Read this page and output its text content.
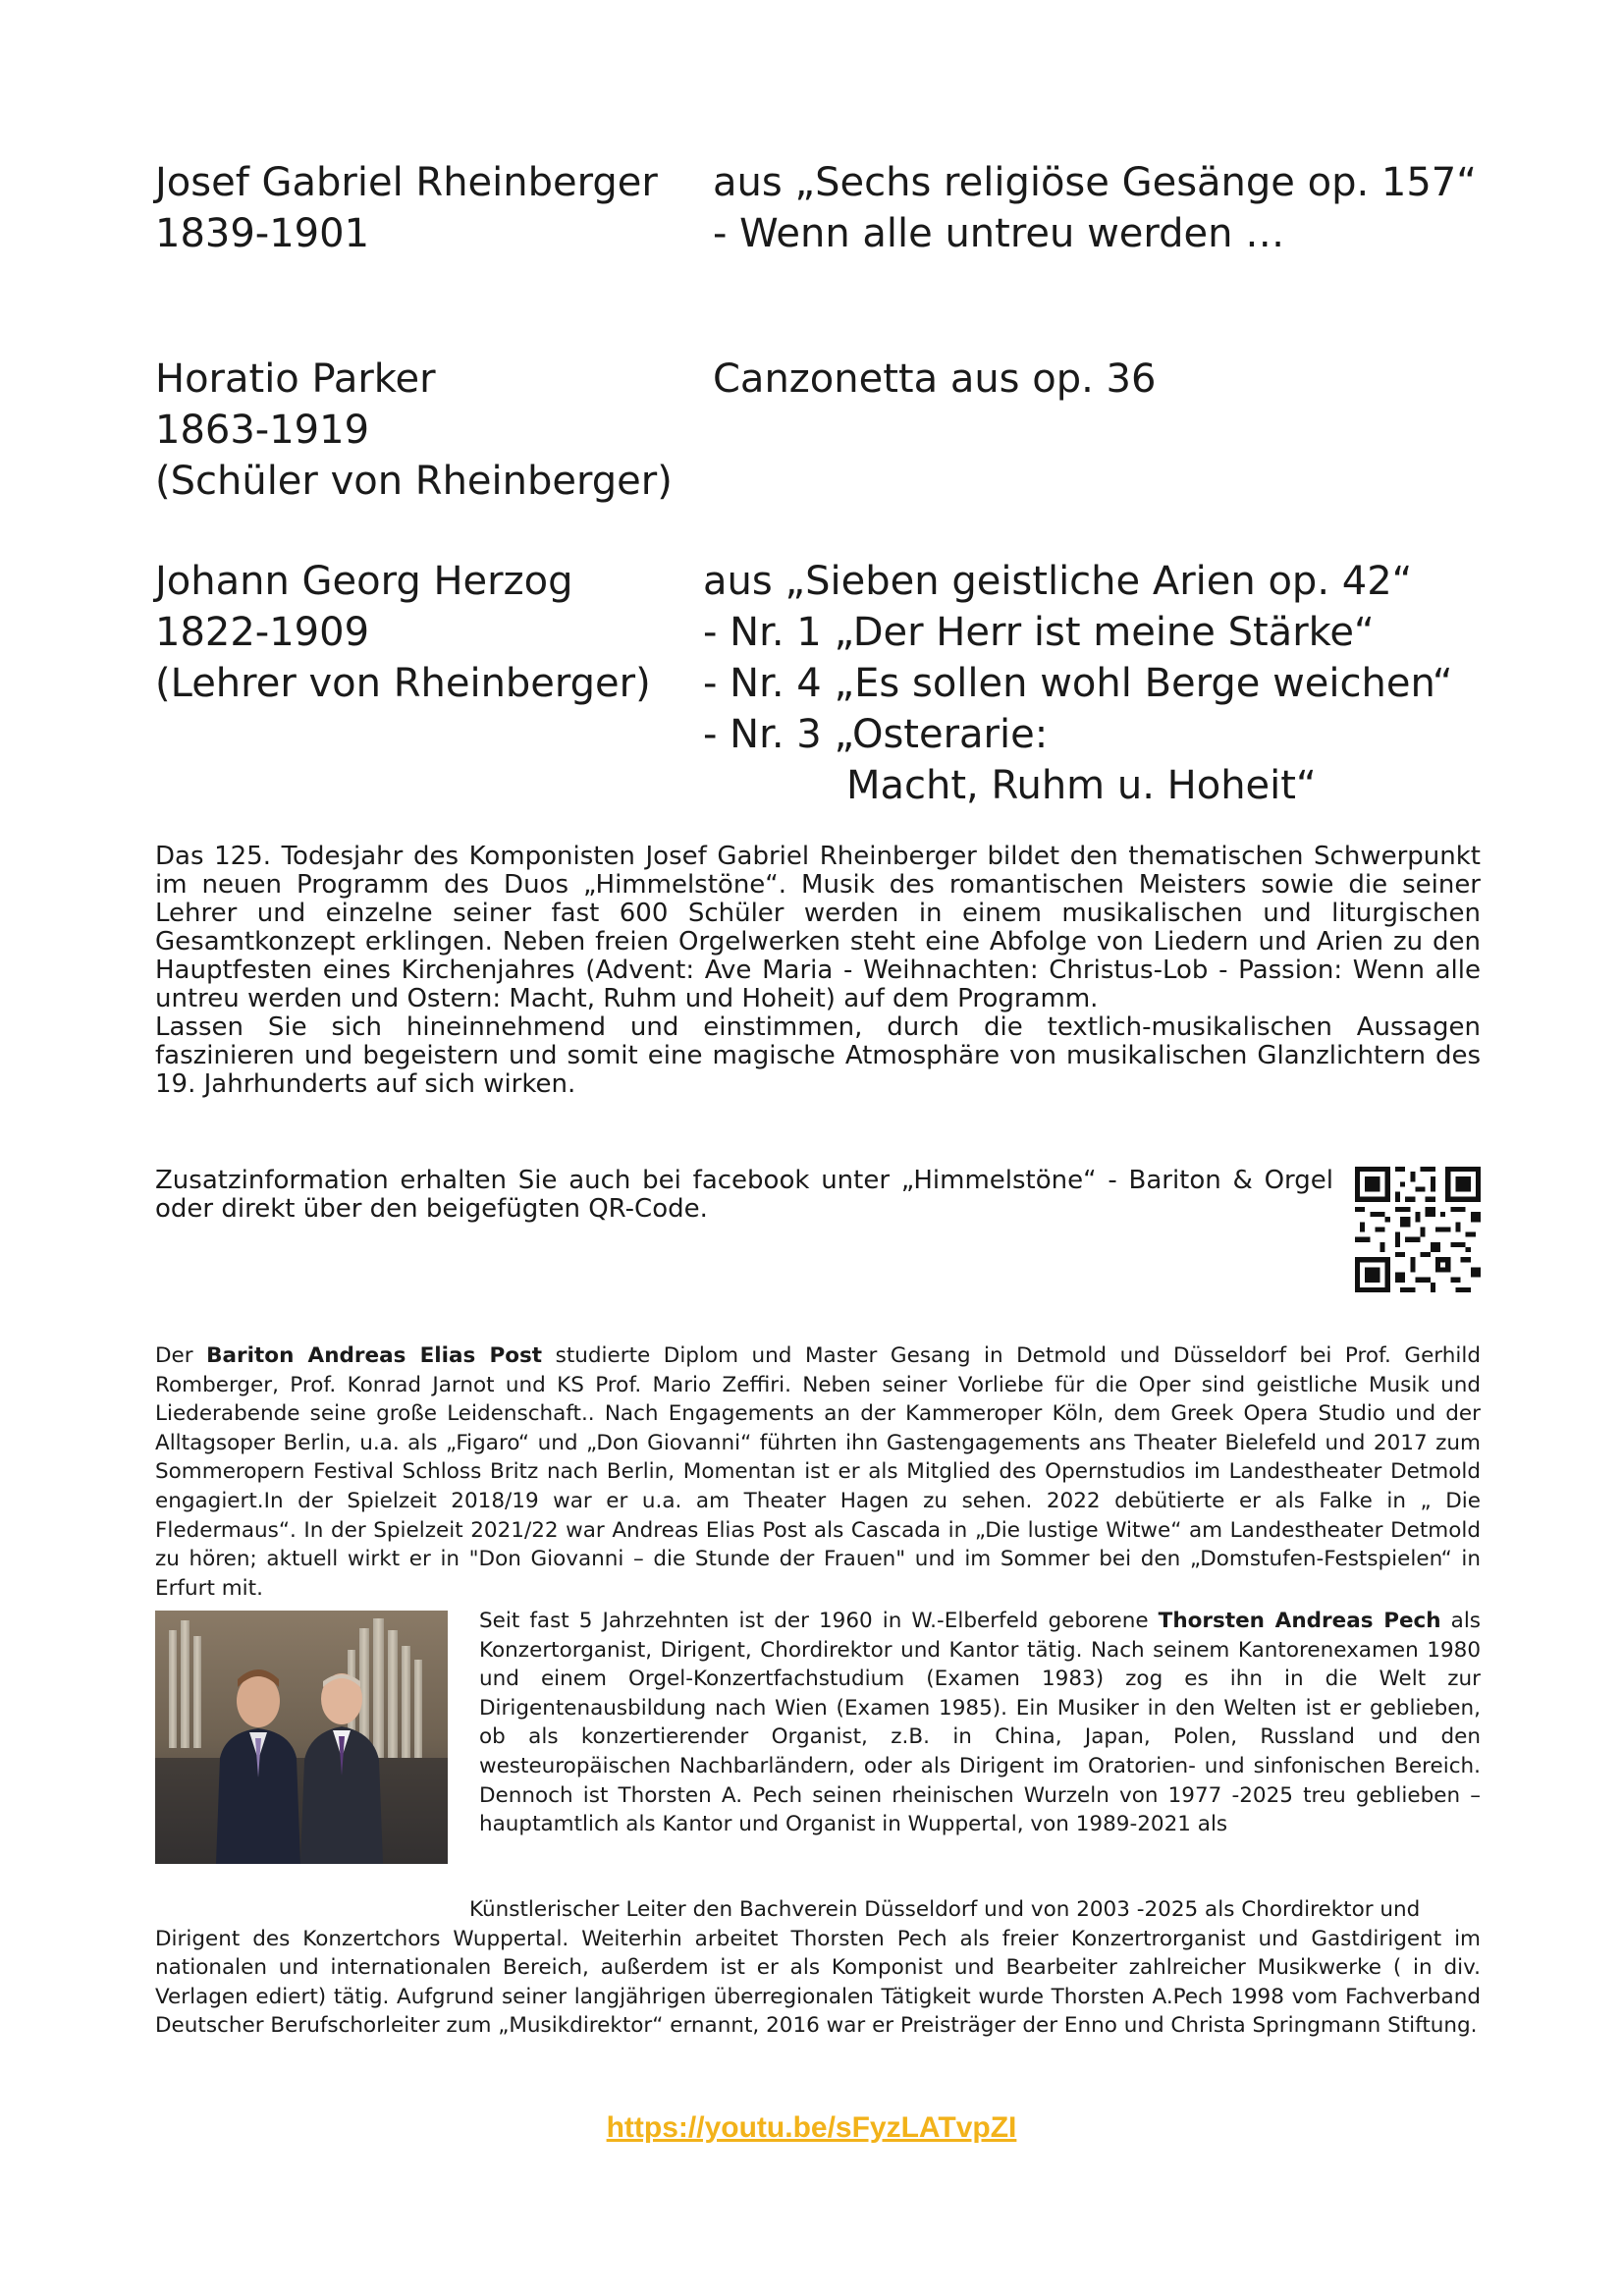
Josef Gabriel Rheinberger
1839-1901
aus „Sechs religiöse Gesänge op. 157“
- Wenn alle untreu werden …
Horatio Parker
1863-1919
(Schüler von Rheinberger)
Canzonetta aus op. 36
Johann Georg Herzog
1822-1909
(Lehrer von Rheinberger)
aus „Sieben geistliche Arien op. 42“
- Nr. 1 „Der Herr ist meine Stärke“
- Nr. 4 „Es sollen wohl Berge weichen“
- Nr. 3 „Osterarie:
Macht, Ruhm u. Hoheit“

Das 125. Todesjahr des Komponisten Josef Gabriel Rheinberger bildet den thematischen Schwerpunkt im neuen Programm des Duos „Himmelstöne“. Musik des romantischen Meisters sowie die seiner Lehrer und einzelne seiner fast 600 Schüler werden in einem musikalischen und liturgischen Gesamtkonzept erklingen. Neben freien Orgelwerken steht eine Abfolge von Liedern und Arien zu den Hauptfesten eines Kirchenjahres (Advent: Ave Maria - Weihnachten: Christus-Lob - Passion: Wenn alle untreu werden und Ostern: Macht, Ruhm und Hoheit) auf dem Programm.

Lassen Sie sich hineinnehmend und einstimmen, durch die textlich-musikalischen Aussagen faszinieren und begeistern und somit eine magische Atmosphäre von musikalischen Glanzlichtern des 19. Jahrhunderts auf sich wirken.

Zusatzinformation erhalten Sie auch bei facebook unter „Himmelstöne“ - Bariton & Orgel oder direkt über den beigefügten QR-Code.

Der Bariton Andreas Elias Post studierte Diplom und Master Gesang in Detmold und Düsseldorf bei Prof. Gerhild Romberger, Prof. Konrad Jarnot und KS Prof. Mario Zeffiri. Neben seiner Vorliebe für die Oper sind geistliche Musik und Liederabende seine große Leidenschaft.. Nach Engagements an der Kammeroper Köln, dem Greek Opera Studio und der Alltagsoper Berlin, u.a. als „Figaro“ und „Don Giovanni“ führten ihn Gastengagements ans Theater Bielefeld und 2017 zum Sommeropern Festival Schloss Britz nach Berlin, Momentan ist er als Mitglied des Opernstudios im Landestheater Detmold engagiert.In der Spielzeit 2018/19 war er u.a. am Theater Hagen zu sehen. 2022 debütierte er als Falke in „ Die Fledermaus“. In der Spielzeit 2021/22 war Andreas Elias Post als Cascada in „Die lustige Witwe“ am Landestheater Detmold zu hören; aktuell wirkt er in "Don Giovanni – die Stunde der Frauen" und im Sommer bei den „Domstufen-Festspielen“ in Erfurt mit.

Seit fast 5 Jahrzehnten ist der 1960 in W.-Elberfeld geborene Thorsten Andreas Pech als Konzertorganist, Dirigent, Chordirektor und Kantor tätig. Nach seinem Kantorenexamen 1980 und einem Orgel-Konzertfachstudium (Examen 1983) zog es ihn in die Welt zur Dirigentenausbildung nach Wien (Examen 1985). Ein Musiker in den Welten ist er geblieben, ob als konzertierender Organist, z.B. in China, Japan, Polen, Russland und den westeuropäischen Nachbarländern, oder als Dirigent im Oratorien- und sinfonischen Bereich. Dennoch ist Thorsten A. Pech seinen rheinischen Wurzeln von 1977 -2025 treu geblieben – hauptamtlich als Kantor und Organist in Wuppertal, von 1989-2021 als

Künstlerischer Leiter den Bachverein Düsseldorf und von 2003 -2025 als Chordirektor und

Dirigent des Konzertchors Wuppertal. Weiterhin arbeitet Thorsten Pech als freier Konzertrorganist und Gastdirigent im nationalen und internationalen Bereich, außerdem ist er als Komponist und Bearbeiter zahlreicher Musikwerke ( in div. Verlagen ediert) tätig. Aufgrund seiner langjährigen überregionalen Tätigkeit wurde Thorsten A.Pech 1998 vom Fachverband Deutscher Berufschorleiter zum „Musikdirektor“ ernannt, 2016 war er Preisträger der Enno und Christa Springmann Stiftung.

https://youtu.be/sFyzLATvpZI
